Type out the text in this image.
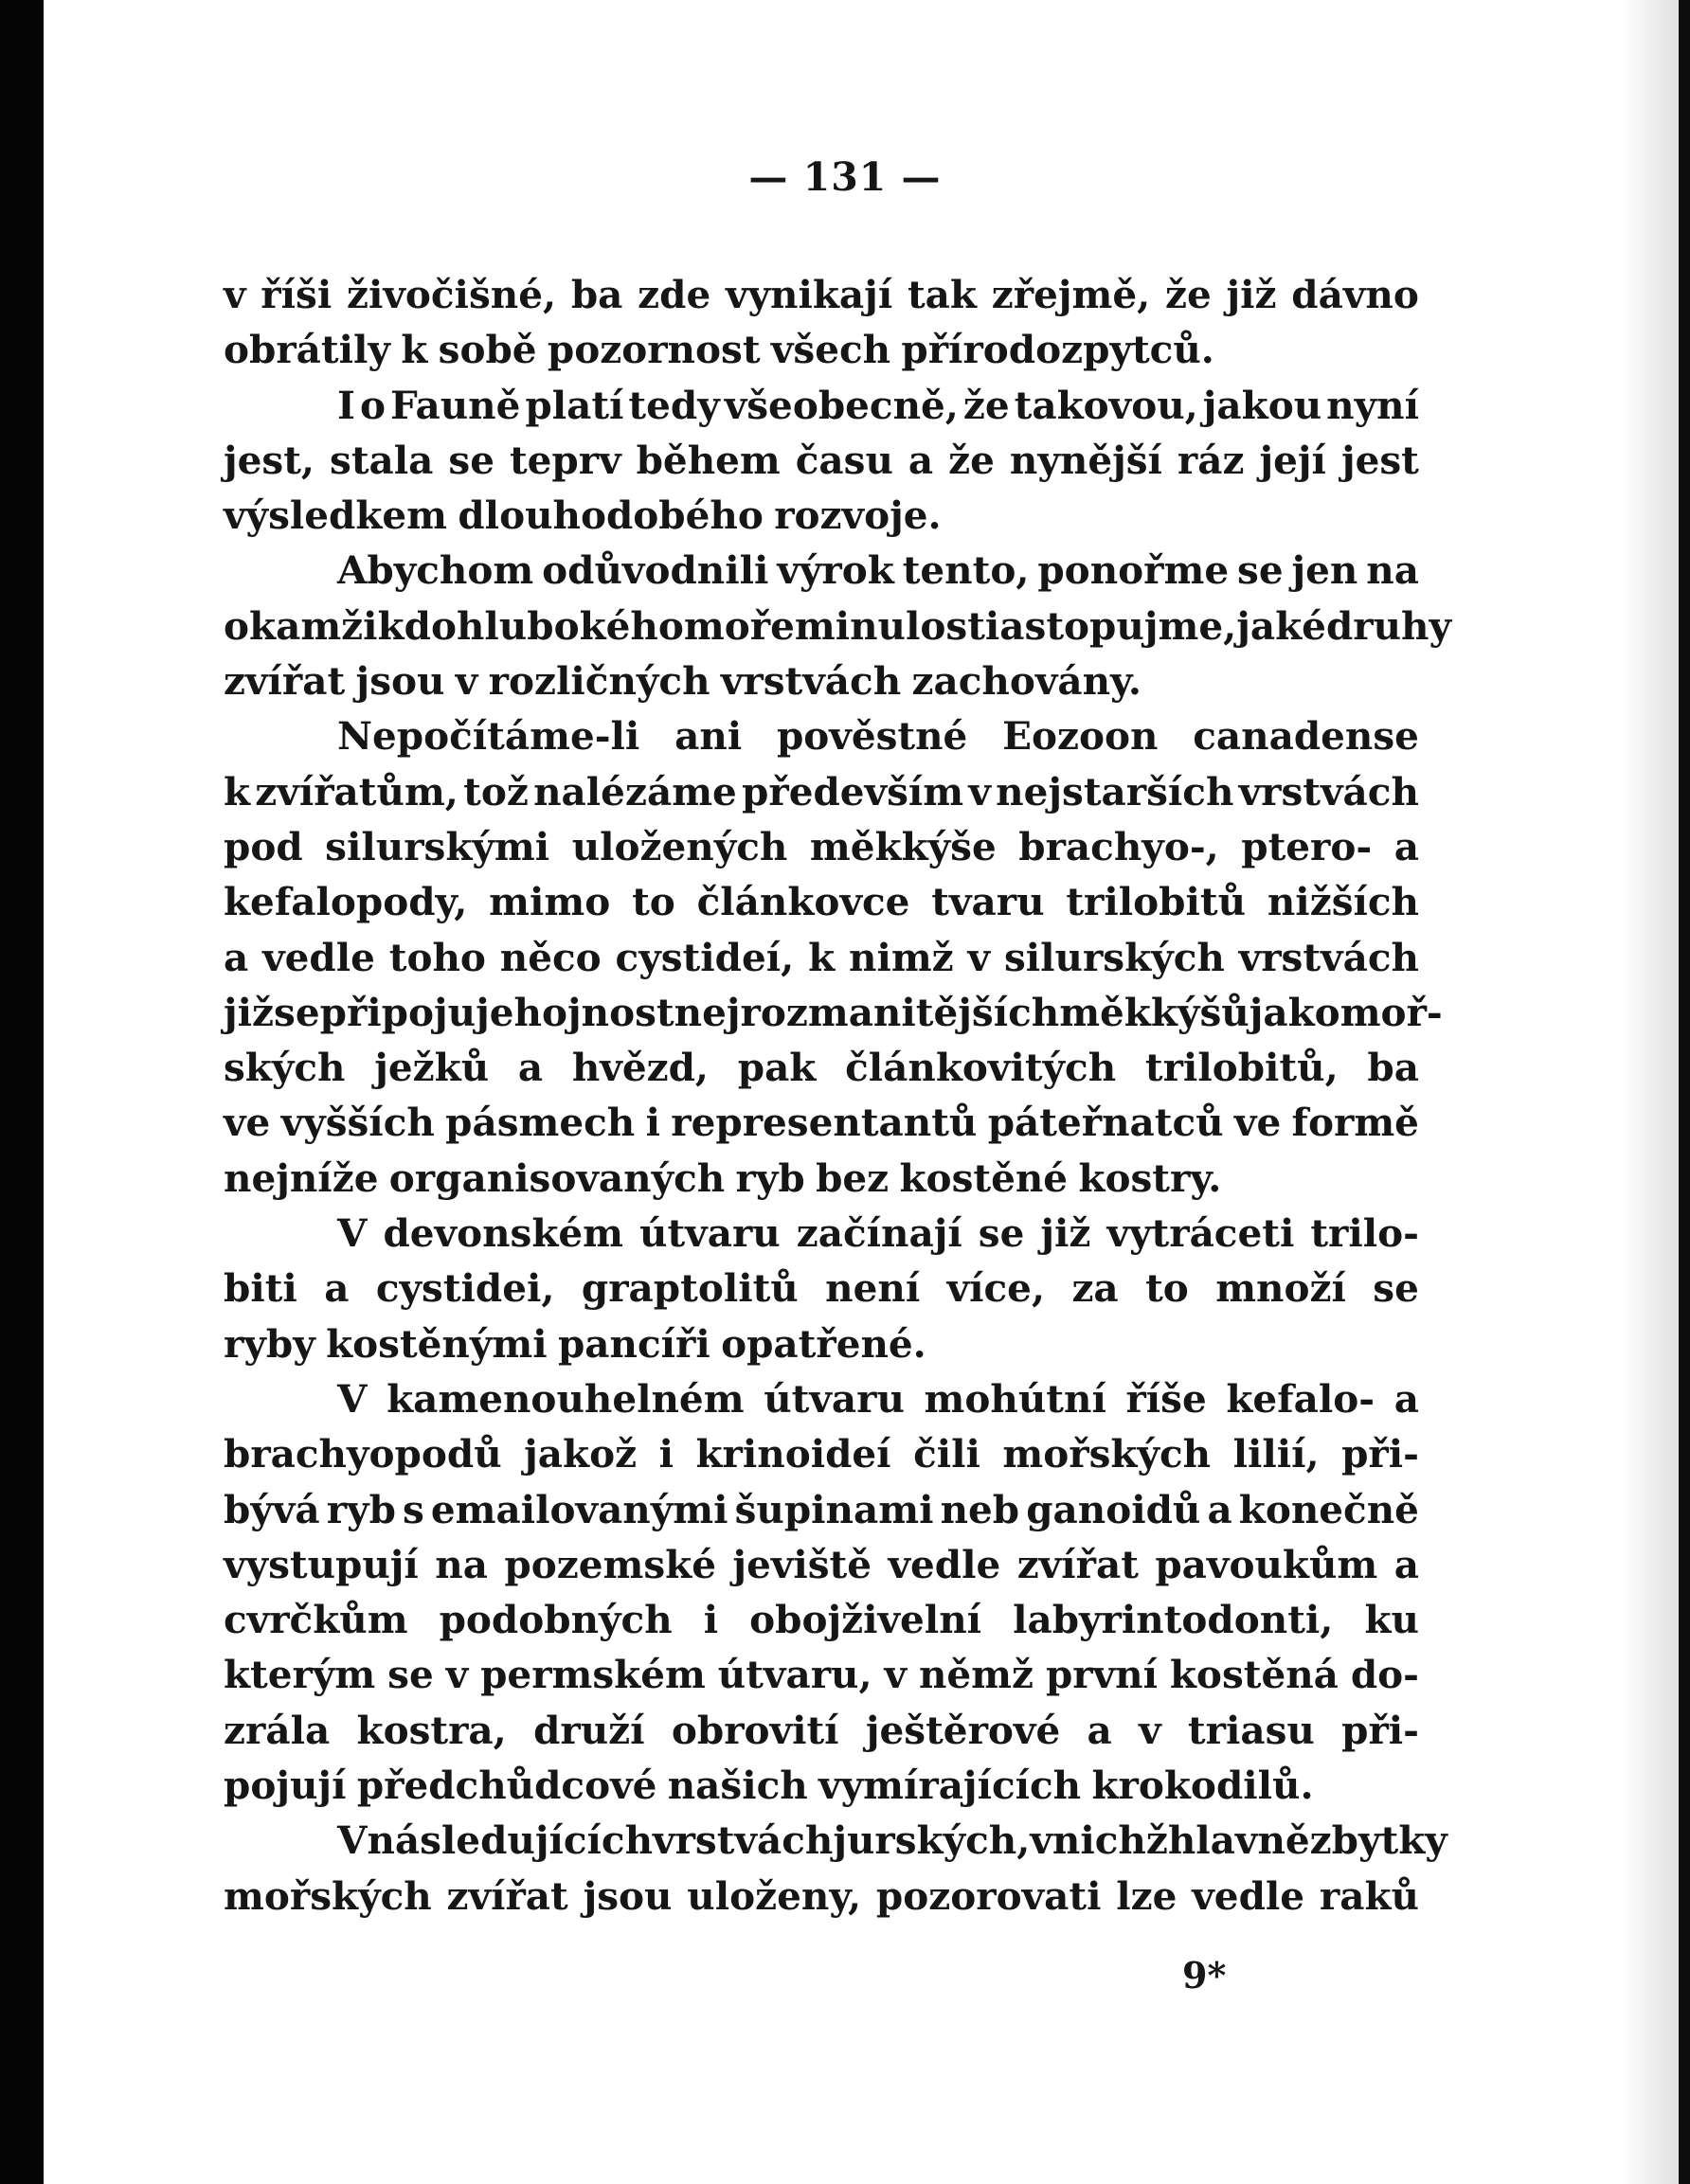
— 131 —
v říši živočišné, ba zde vynikají tak zřejmě, že již dávno
obrátily k sobě pozornost všech přírodozpytců.
I o Fauně platí tedy všeobecně, že takovou, jakou nyní
jest, stala se teprv během času a že nynější ráz její jest
výsledkem dlouhodobého rozvoje.
Abychom odůvodnili výrok tento, ponořme se jen na
okamžik do hlubokého moře minulosti a stopujme, jaké druhy
zvířat jsou v rozličných vrstvách zachovány.
Nepočítáme-li ani pověstné Eozoon canadense
k zvířatům, tož nalézáme především v nejstarších vrstvách
pod silurskými uložených měkkýše brachyo-, ptero- a
kefalopody, mimo to článkovce tvaru trilobitů nižších
a vedle toho něco cystideí, k nimž v silurských vrstvách
již se připojuje hojnost nejrozmanitějších měkkýšů jako moř-
ských ježků a hvězd, pak článkovitých trilobitů, ba
ve vyšších pásmech i representantů páteřnatců ve formě
nejníže organisovaných ryb bez kostěné kostry.
V devonském útvaru začínají se již vytráceti trilo-
biti a cystidei, graptolitů není více, za to množí se
ryby kostěnými pancíři opatřené.
V kamenouhelném útvaru mohútní říše kefalo- a
brachyopodů jakož i krinoideí čili mořských lilií, při-
bývá ryb s emailovanými šupinami neb ganoidů a konečně
vystupují na pozemské jeviště vedle zvířat pavoukům a
cvrčkům podobných i obojživelní labyrintodonti, ku
kterým se v permském útvaru, v němž první kostěná do-
zrála kostra, druží obrovití ještěrové a v triasu při-
pojují předchůdcové našich vymírajících krokodilů.
V následujících vrstvách jurských, v nichž hlavně zbytky
mořských zvířat jsou uloženy, pozorovati lze vedle raků
9*
